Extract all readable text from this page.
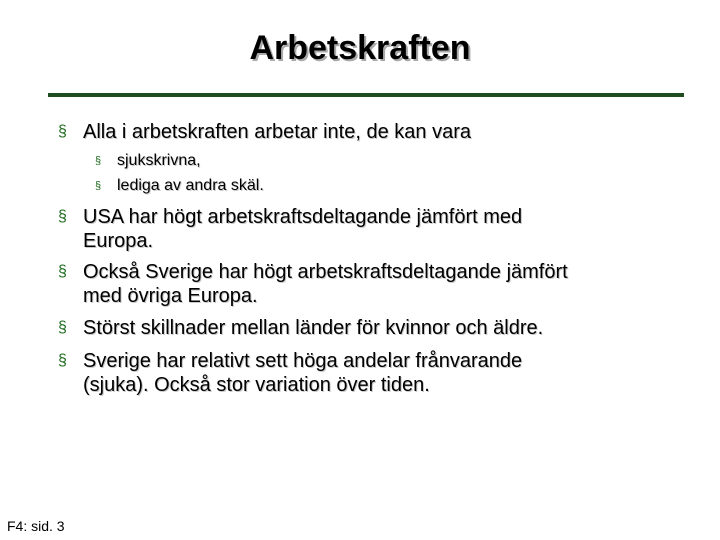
Arbetskraften
§ Alla i arbetskraften arbetar inte, de kan vara
§ sjukskrivna,
§ lediga av andra skäl.
§ USA har högt arbetskraftsdeltagande jämfört med
Europa.
§ Också Sverige har högt arbetskraftsdeltagande jämfört
med övriga Europa.
§ Störst skillnader mellan länder för kvinnor och äldre.
§ Sverige har relativt sett höga andelar frånvarande
(sjuka). Också stor variation över tiden.
F4: sid. 3
